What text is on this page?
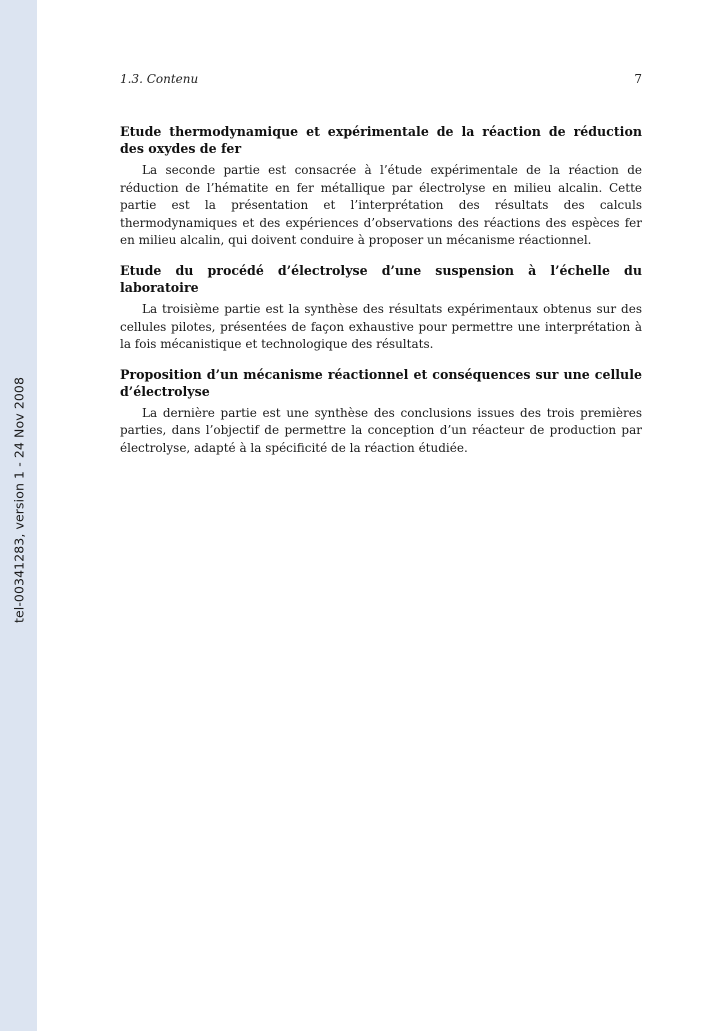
tel-00341283, version 1 - 24 Nov 2008
1.3. Contenu	7
Etude thermodynamique et expérimentale de la réaction de réduction des oxydes de fer

La seconde partie est consacrée à l’étude expérimentale de la réaction de réduction de l’hématite en fer métallique par électrolyse en milieu alcalin. Cette partie est la présentation et l’interprétation des résultats des calculs thermodynamiques et des expériences d’observations des réactions des espèces fer en milieu alcalin, qui doivent conduire à proposer un mécanisme réactionnel.

Etude du procédé d’électrolyse d’une suspension à l’échelle du laboratoire

La troisième partie est la synthèse des résultats expérimentaux obtenus sur des cellules pilotes, présentées de façon exhaustive pour permettre une interprétation à la fois mécanistique et technologique des résultats.

Proposition d’un mécanisme réactionnel et conséquences sur une cellule d’électrolyse

La dernière partie est une synthèse des conclusions issues des trois premières parties, dans l’objectif de permettre la conception d’un réacteur de production par électrolyse, adapté à la spécificité de la réaction étudiée.
